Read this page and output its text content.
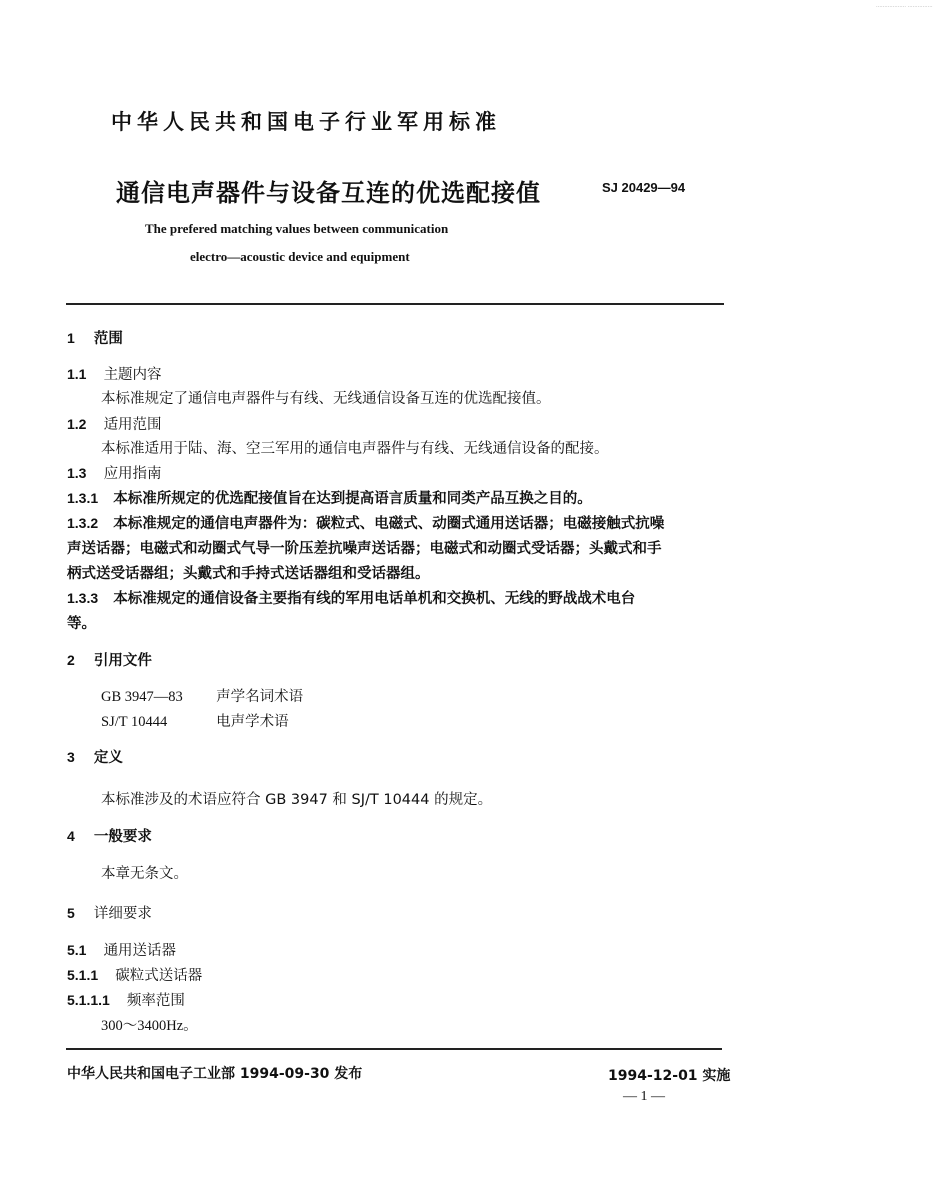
……………… ……………
中华人民共和国电子行业军用标准
通信电声器件与设备互连的优选配接值	SJ 20429—94
The prefered matching values between communication
electro—acoustic device and equipment
1 范围
1.1 主题内容
本标准规定了通信电声器件与有线、无线通信设备互连的优选配接值。
1.2 适用范围
本标准适用于陆、海、空三军用的通信电声器件与有线、无线通信设备的配接。
1.3 应用指南
1.3.1 本标准所规定的优选配接值旨在达到提高语言质量和同类产品互换之目的。
1.3.2 本标准规定的通信电声器件为：碳粒式、电磁式、动圈式通用送话器；电磁接触式抗噪
声送话器；电磁式和动圈式气导一阶压差抗噪声送话器；电磁式和动圈式受话器；头戴式和手
柄式送受话器组；头戴式和手持式送话器组和受话器组。
1.3.3 本标准规定的通信设备主要指有线的军用电话单机和交换机、无线的野战战术电台
等。
2 引用文件
GB 3947—83 声学名词术语
SJ/T 10444	电声学术语
3 定义
本标准涉及的术语应符合 GB 3947 和 SJ/T 10444 的规定。
4 一般要求
本章无条文。
5 详细要求
5.1 通用送话器
5.1.1 碳粒式送话器
5.1.1.1 频率范围
300～3400Hz。
中华人民共和国电子工业部 1994-09-30 发布	1994-12-01 实施
— 1 —
